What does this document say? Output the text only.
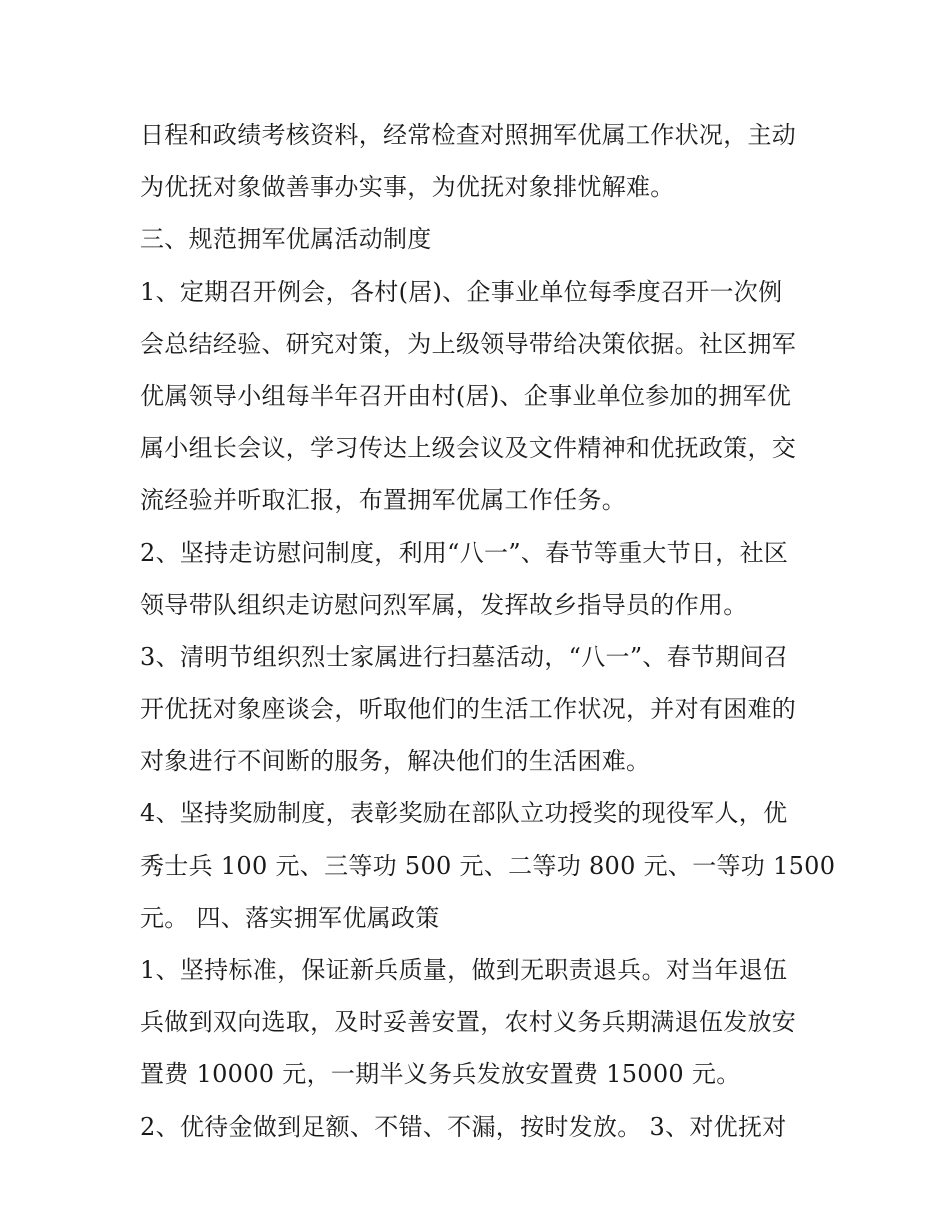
日程和政绩考核资料，经常检查对照拥军优属工作状况，主动
为优抚对象做善事办实事，为优抚对象排忧解难。
三、规范拥军优属活动制度
1、定期召开例会，各村(居)、企事业单位每季度召开一次例
会总结经验、研究对策，为上级领导带给决策依据。社区拥军
优属领导小组每半年召开由村(居)、企事业单位参加的拥军优
属小组长会议，学习传达上级会议及文件精神和优抚政策，交
流经验并听取汇报，布置拥军优属工作任务。
2、坚持走访慰问制度，利用“八一”、春节等重大节日，社区
领导带队组织走访慰问烈军属，发挥故乡指导员的作用。
3、清明节组织烈士家属进行扫墓活动，“八一”、春节期间召
开优抚对象座谈会，听取他们的生活工作状况，并对有困难的
对象进行不间断的服务，解决他们的生活困难。
4、坚持奖励制度，表彰奖励在部队立功授奖的现役军人，优
秀士兵 100 元、三等功 500 元、二等功 800 元、一等功 1500
元。 四、落实拥军优属政策
1、坚持标准，保证新兵质量，做到无职责退兵。对当年退伍
兵做到双向选取，及时妥善安置，农村义务兵期满退伍发放安
置费 10000 元，一期半义务兵发放安置费 15000 元。
2、优待金做到足额、不错、不漏，按时发放。 3、对优抚对
